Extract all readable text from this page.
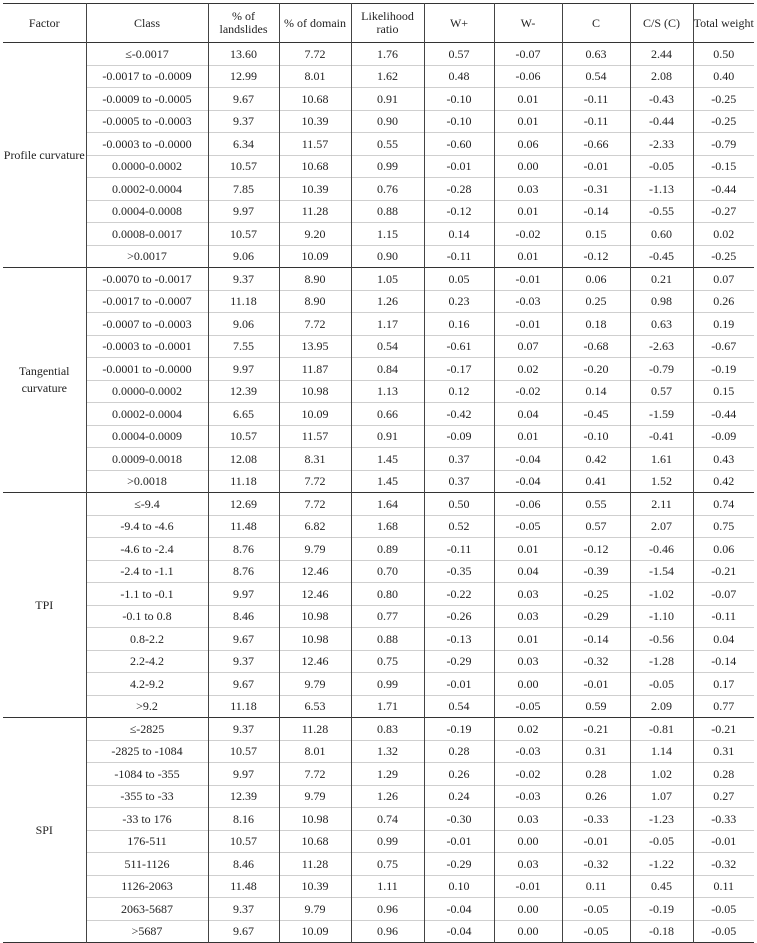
Factor	Class	% of landslides	% of domain	Likelihood ratio	W+	W-	C	C/S (C)	Total weight
Profile curvature	≤-0.0017	13.60	7.72	1.76	0.57	-0.07	0.63	2.44	0.50
	-0.0017 to -0.0009	12.99	8.01	1.62	0.48	-0.06	0.54	2.08	0.40
	-0.0009 to -0.0005	9.67	10.68	0.91	-0.10	0.01	-0.11	-0.43	-0.25
	-0.0005 to -0.0003	9.37	10.39	0.90	-0.10	0.01	-0.11	-0.44	-0.25
	-0.0003 to -0.0000	6.34	11.57	0.55	-0.60	0.06	-0.66	-2.33	-0.79
	0.0000-0.0002	10.57	10.68	0.99	-0.01	0.00	-0.01	-0.05	-0.15
	0.0002-0.0004	7.85	10.39	0.76	-0.28	0.03	-0.31	-1.13	-0.44
	0.0004-0.0008	9.97	11.28	0.88	-0.12	0.01	-0.14	-0.55	-0.27
	0.0008-0.0017	10.57	9.20	1.15	0.14	-0.02	0.15	0.60	0.02
	>0.0017	9.06	10.09	0.90	-0.11	0.01	-0.12	-0.45	-0.25
Tangential curvature	-0.0070 to -0.0017	9.37	8.90	1.05	0.05	-0.01	0.06	0.21	0.07
	-0.0017 to -0.0007	11.18	8.90	1.26	0.23	-0.03	0.25	0.98	0.26
	-0.0007 to -0.0003	9.06	7.72	1.17	0.16	-0.01	0.18	0.63	0.19
	-0.0003 to -0.0001	7.55	13.95	0.54	-0.61	0.07	-0.68	-2.63	-0.67
	-0.0001 to -0.0000	9.97	11.87	0.84	-0.17	0.02	-0.20	-0.79	-0.19
	0.0000-0.0002	12.39	10.98	1.13	0.12	-0.02	0.14	0.57	0.15
	0.0002-0.0004	6.65	10.09	0.66	-0.42	0.04	-0.45	-1.59	-0.44
	0.0004-0.0009	10.57	11.57	0.91	-0.09	0.01	-0.10	-0.41	-0.09
	0.0009-0.0018	12.08	8.31	1.45	0.37	-0.04	0.42	1.61	0.43
	>0.0018	11.18	7.72	1.45	0.37	-0.04	0.41	1.52	0.42
TPI	≤-9.4	12.69	7.72	1.64	0.50	-0.06	0.55	2.11	0.74
	-9.4 to -4.6	11.48	6.82	1.68	0.52	-0.05	0.57	2.07	0.75
	-4.6 to -2.4	8.76	9.79	0.89	-0.11	0.01	-0.12	-0.46	0.06
	-2.4 to -1.1	8.76	12.46	0.70	-0.35	0.04	-0.39	-1.54	-0.21
	-1.1 to -0.1	9.97	12.46	0.80	-0.22	0.03	-0.25	-1.02	-0.07
	-0.1 to 0.8	8.46	10.98	0.77	-0.26	0.03	-0.29	-1.10	-0.11
	0.8-2.2	9.67	10.98	0.88	-0.13	0.01	-0.14	-0.56	0.04
	2.2-4.2	9.37	12.46	0.75	-0.29	0.03	-0.32	-1.28	-0.14
	4.2-9.2	9.67	9.79	0.99	-0.01	0.00	-0.01	-0.05	0.17
	>9.2	11.18	6.53	1.71	0.54	-0.05	0.59	2.09	0.77
SPI	≤-2825	9.37	11.28	0.83	-0.19	0.02	-0.21	-0.81	-0.21
	-2825 to -1084	10.57	8.01	1.32	0.28	-0.03	0.31	1.14	0.31
	-1084 to -355	9.97	7.72	1.29	0.26	-0.02	0.28	1.02	0.28
	-355 to -33	12.39	9.79	1.26	0.24	-0.03	0.26	1.07	0.27
	-33 to 176	8.16	10.98	0.74	-0.30	0.03	-0.33	-1.23	-0.33
	176-511	10.57	10.68	0.99	-0.01	0.00	-0.01	-0.05	-0.01
	511-1126	8.46	11.28	0.75	-0.29	0.03	-0.32	-1.22	-0.32
	1126-2063	11.48	10.39	1.11	0.10	-0.01	0.11	0.45	0.11
	2063-5687	9.37	9.79	0.96	-0.04	0.00	-0.05	-0.19	-0.05
	>5687	9.67	10.09	0.96	-0.04	0.00	-0.05	-0.18	-0.05
